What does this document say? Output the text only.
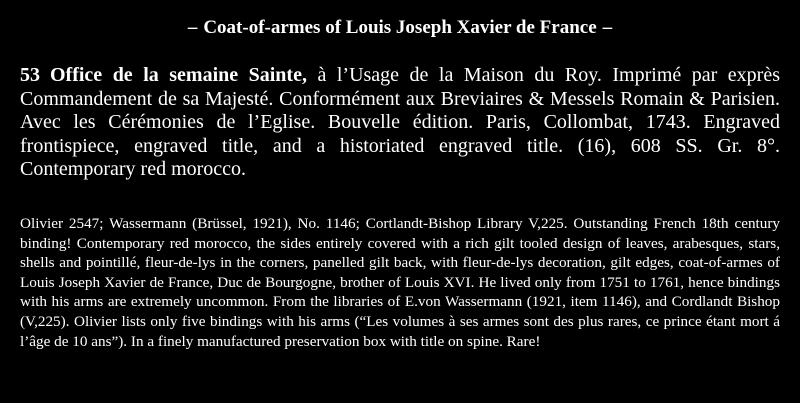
– Coat-of-armes of Louis Joseph Xavier de France –
53 Office de la semaine Sainte, à l’Usage de la Maison du Roy. Imprimé par exprès Commandement de sa Majesté. Conformément aux Breviaires & Messels Romain & Parisien. Avec les Cérémonies de l’Eglise. Bouvelle édition. Paris, Collombat, 1743. Engraved frontispiece, engraved title, and a historiated engraved title. (16), 608 SS. Gr. 8°. Contemporary red morocco.
Olivier 2547; Wassermann (Brüssel, 1921), No. 1146; Cortlandt-Bishop Library V,225. Outstanding French 18th century binding! Contemporary red morocco, the sides entirely covered with a rich gilt tooled design of leaves, arabesques, stars, shells and pointillé, fleur-de-lys in the corners, panelled gilt back, with fleur-de-lys decoration, gilt edges, coat-of-armes of Louis Joseph Xavier de France, Duc de Bourgogne, brother of Louis XVI. He lived only from 1751 to 1761, hence bindings with his arms are extremely uncommon. From the libraries of E.von Wassermann (1921, item 1146), and Cordlandt Bishop (V,225). Olivier lists only five bindings with his arms (“Les volumes à ses armes sont des plus rares, ce prince étant mort á l’âge de 10 ans”). In a finely manufactured preservation box with title on spine. Rare!
